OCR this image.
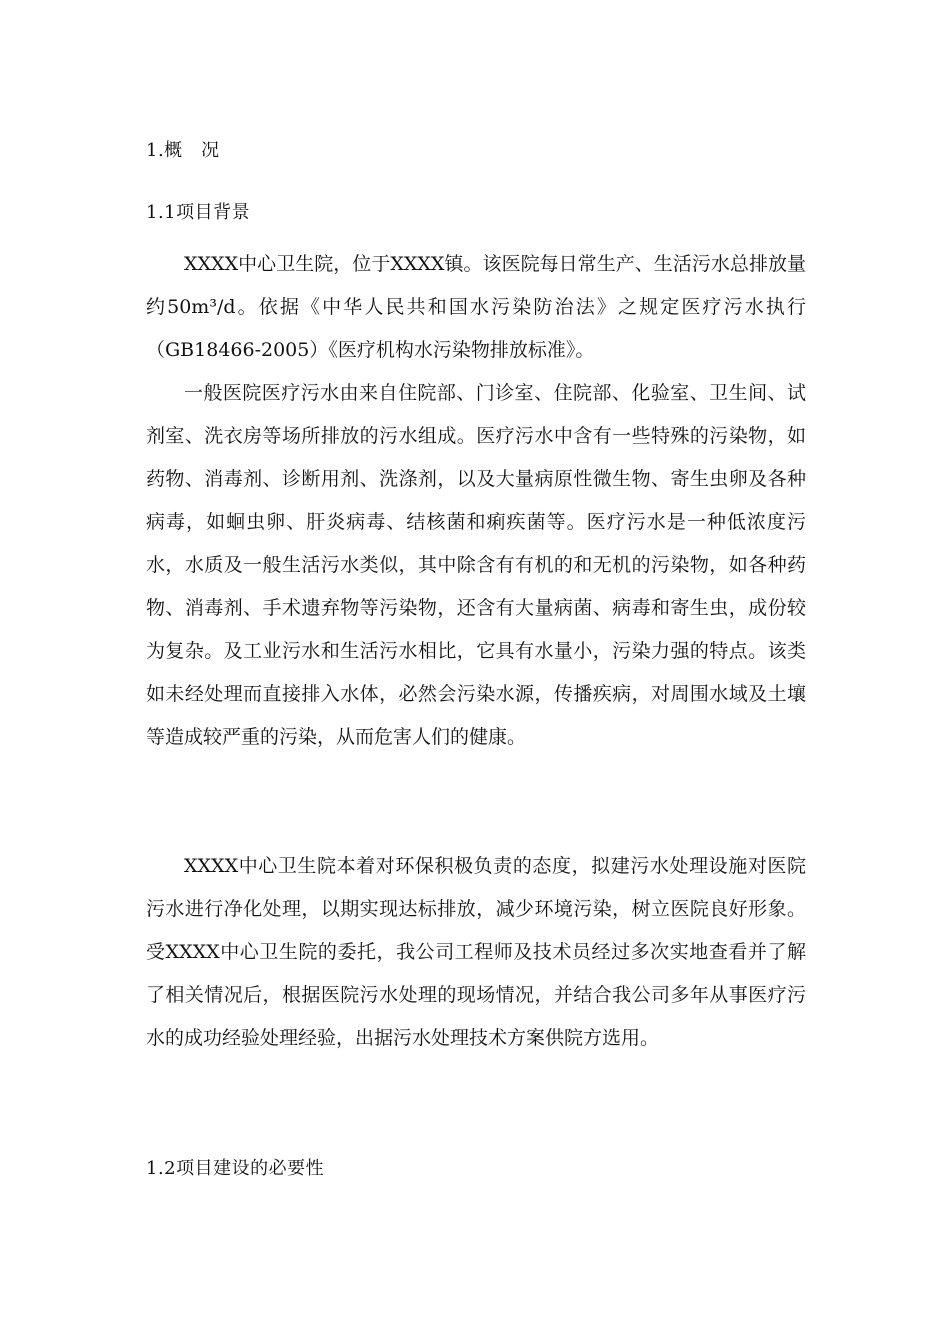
1.概　况
1.1项目背景

XXXX中心卫生院，位于XXXX镇。该医院每日常生产、生活污水总排放量约50m³/d。依据《中华人民共和国水污染防治法》之规定医疗污水执行（GB18466-2005）《医疗机构水污染物排放标准》。

一般医院医疗污水由来自住院部、门诊室、住院部、化验室、卫生间、试剂室、洗衣房等场所排放的污水组成。医疗污水中含有一些特殊的污染物，如药物、消毒剂、诊断用剂、洗涤剂，以及大量病原性微生物、寄生虫卵及各种病毒，如蛔虫卵、肝炎病毒、结核菌和痢疾菌等。医疗污水是一种低浓度污水，水质及一般生活污水类似，其中除含有有机的和无机的污染物，如各种药物、消毒剂、手术遗弃物等污染物，还含有大量病菌、病毒和寄生虫，成份较为复杂。及工业污水和生活污水相比，它具有水量小，污染力强的特点。该类如未经处理而直接排入水体，必然会污染水源，传播疾病，对周围水域及土壤等造成较严重的污染，从而危害人们的健康。

XXXX中心卫生院本着对环保积极负责的态度，拟建污水处理设施对医院污水进行净化处理，以期实现达标排放，减少环境污染，树立医院良好形象。受XXXX中心卫生院的委托，我公司工程师及技术员经过多次实地查看并了解了相关情况后，根据医院污水处理的现场情况，并结合我公司多年从事医疗污水的成功经验处理经验，出据污水处理技术方案供院方选用。

1.2项目建设的必要性
